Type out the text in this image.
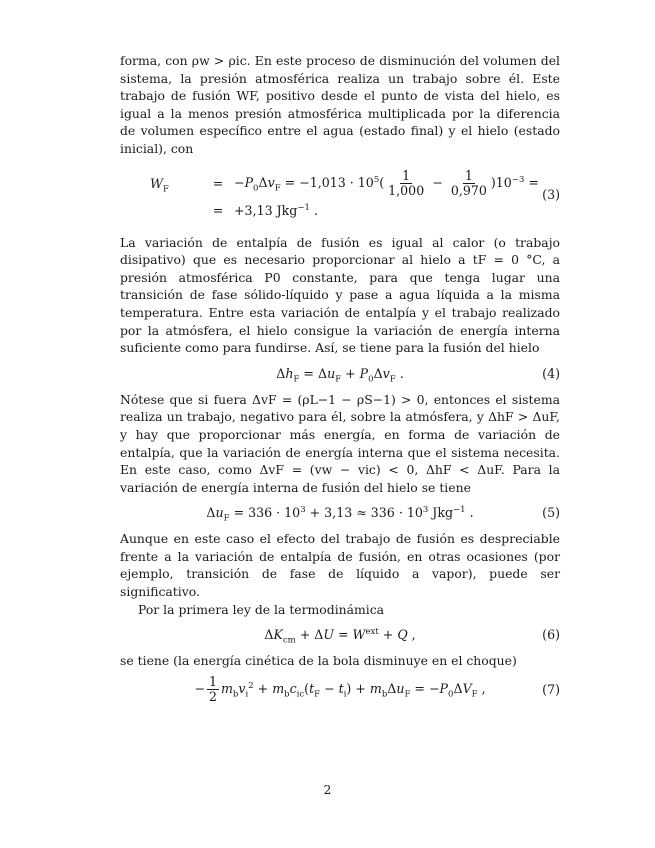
forma, con ρw > ρic. En este proceso de disminución del volumen del sistema, la presión atmosférica realiza un trabajo sobre él. Este trabajo de fusión WF, positivo desde el punto de vista del hielo, es igual a la menos presión atmosférica multiplicada por la diferencia de volumen específico entre el agua (estado final) y el hielo (estado inicial), con

$W_F$	= $-P_0\Delta v_F = -1,013 \cdot 10^5( \frac{1}{1,000} - \frac{1}{0,970} )10^{-3}$ =
= +3,13 Jkg$^{-1}$ .
(3)

La variación de entalpía de fusión es igual al calor (o trabajo disipativo) que es necesario proporcionar al hielo a tF = 0 °C, a presión atmosférica P0 constante, para que tenga lugar una transición de fase sólido-líquido y pase a agua líquida a la misma temperatura. Entre esta variación de entalpía y el trabajo realizado por la atmósfera, el hielo consigue la variación de energía interna suficiente como para fundirse. Así, se tiene para la fusión del hielo

$\Delta h_F = \Delta u_F + P_0\Delta v_F$ .	(4)

Nótese que si fuera ΔvF = (ρL−1 − ρS−1) > 0, entonces el sistema realiza un trabajo, negativo para él, sobre la atmósfera, y ΔhF > ΔuF, y hay que proporcionar más energía, en forma de variación de entalpía, que la variación de energía interna que el sistema necesita. En este caso, como ΔvF = (vw − vic) < 0, ΔhF < ΔuF. Para la variación de energía interna de fusión del hielo se tiene

$\Delta u_F = 336 \cdot 10^3 + 3,13 \approx 336 \cdot 10^3$ Jkg$^{-1}$ .	(5)

Aunque en este caso el efecto del trabajo de fusión es despreciable frente a la variación de entalpía de fusión, en otras ocasiones (por ejemplo, transición de fase de líquido a vapor), puede ser significativo.

Por la primera ley de la termodinámica

$\Delta K_{cm} + \Delta U = W^{ext} + Q$ ,	(6)

se tiene (la energía cinética de la bola disminuye en el choque)

− $\frac{1}{2} m_bv_i^2 + m_bc_{ic}(t_F - t_i) + m_b\Delta u_F = -P_0\Delta V_F$ ,	(7)
2
